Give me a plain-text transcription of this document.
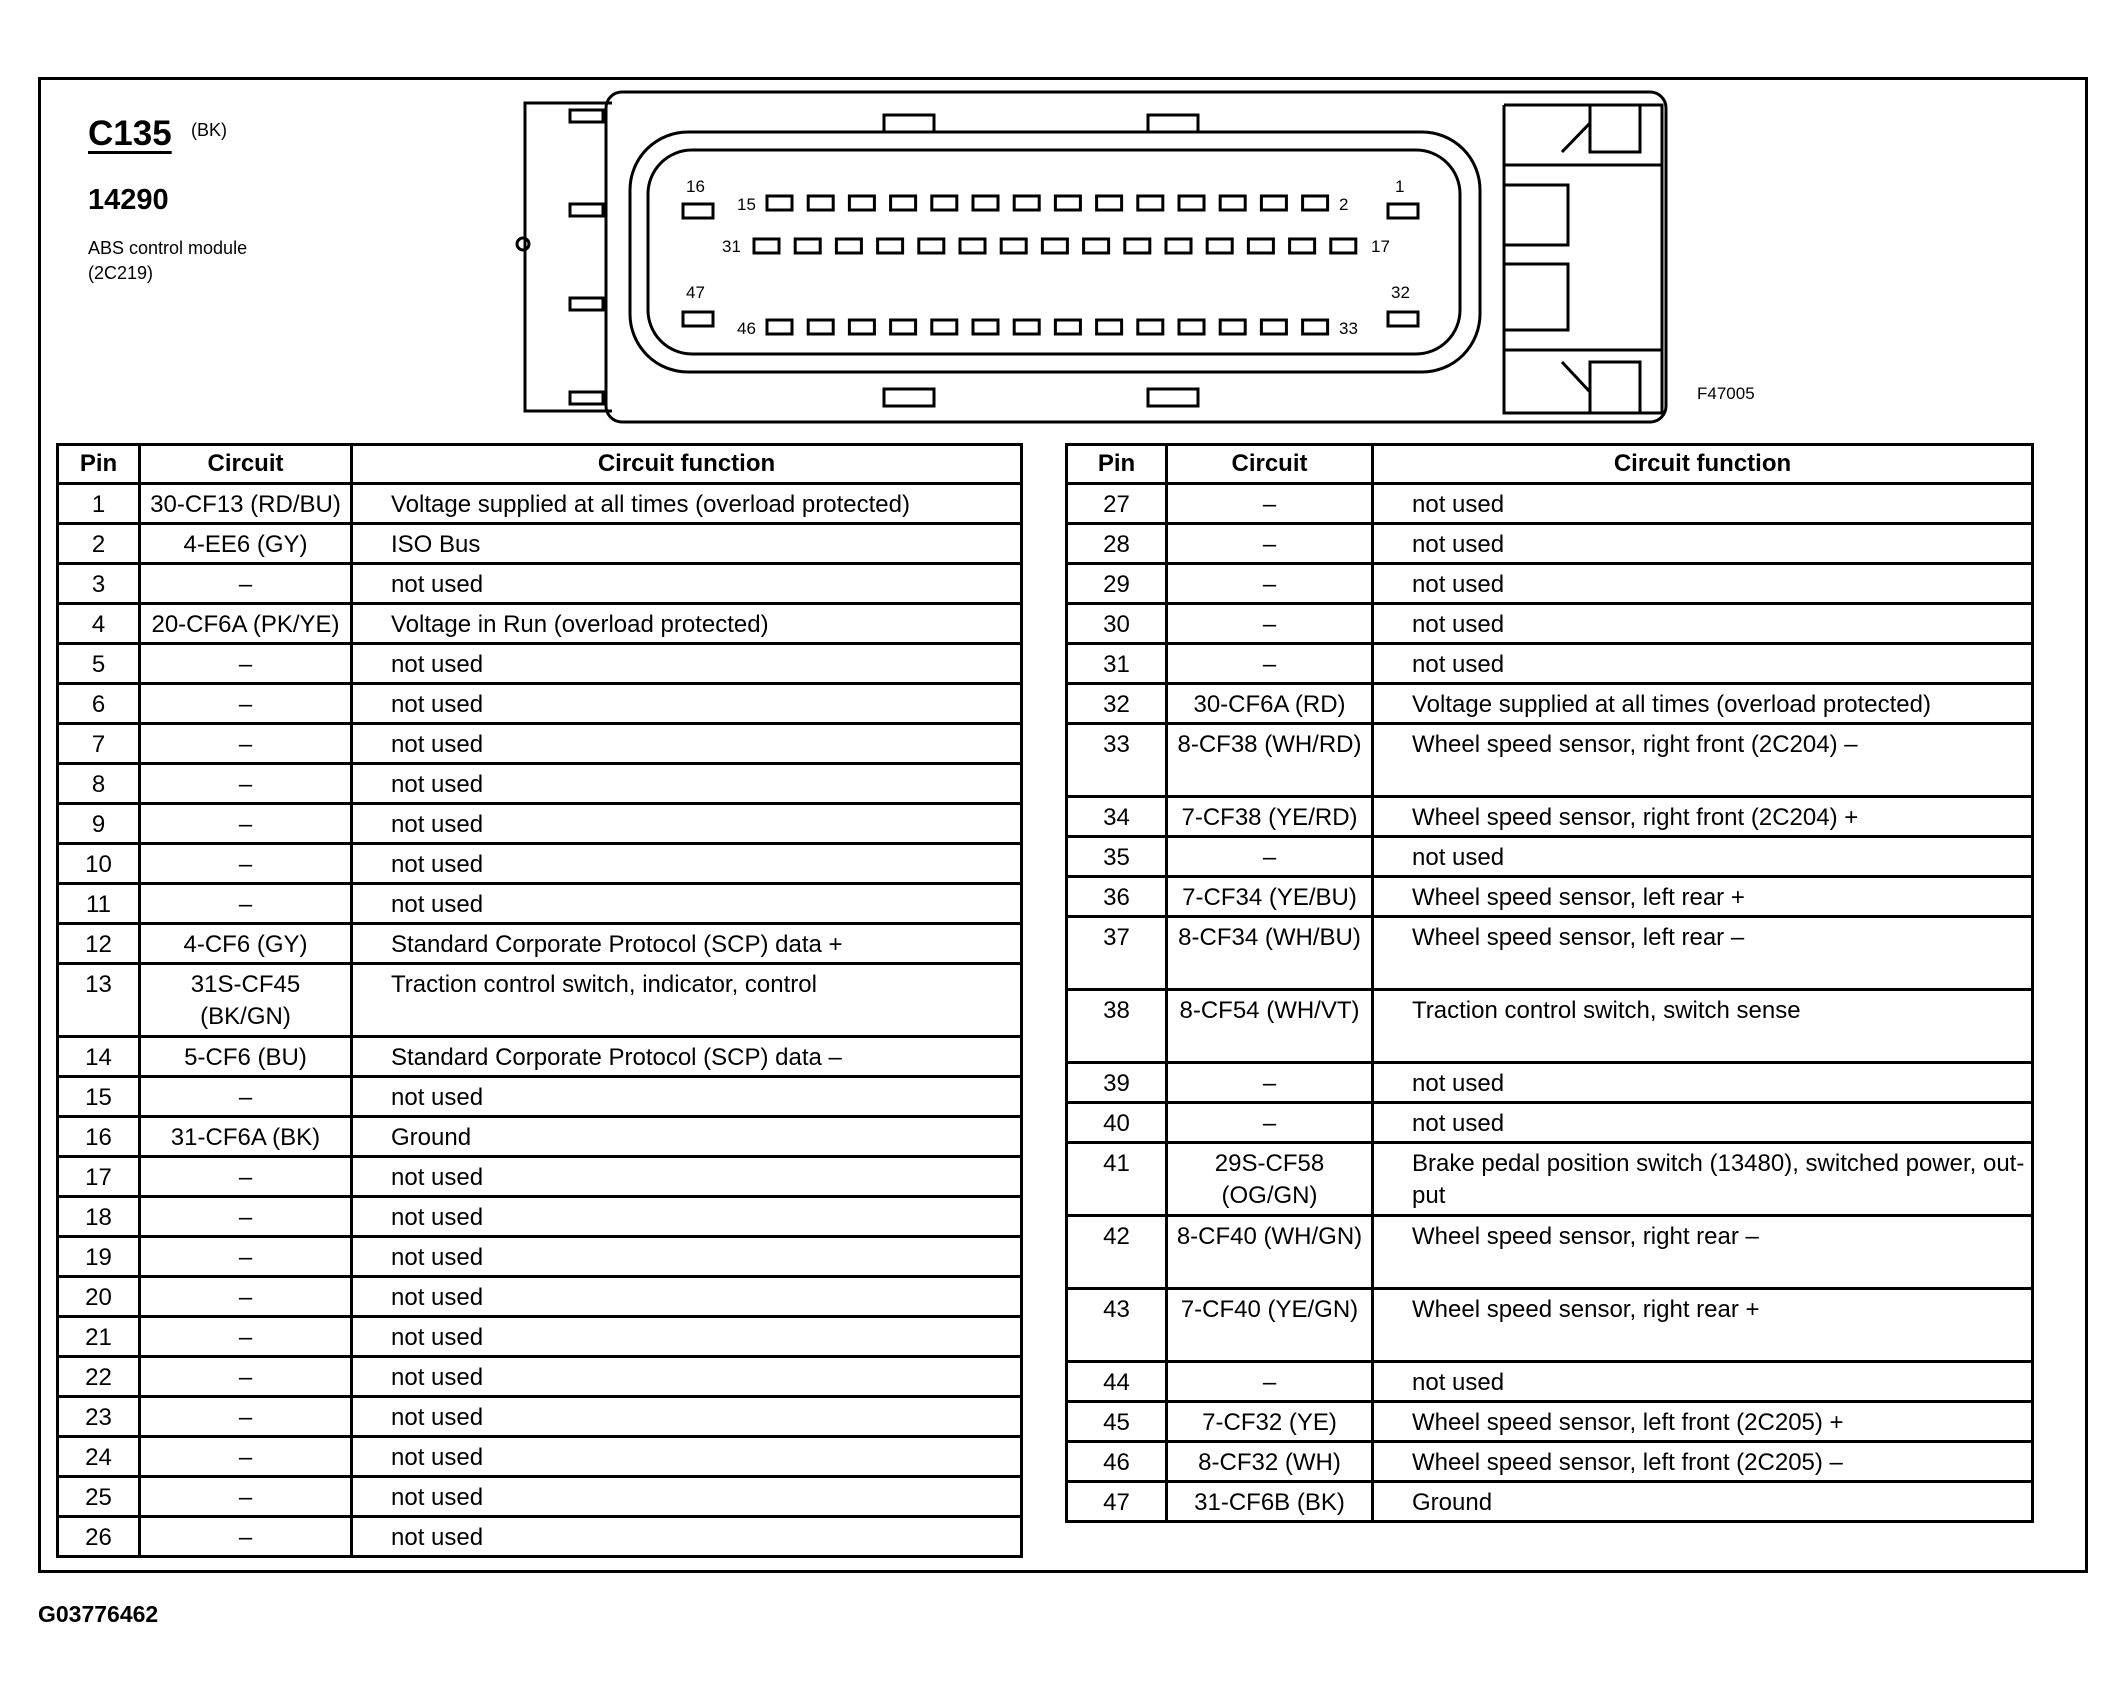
C135 (BK)
14290
ABS control module
(2C219)
16	1
15	2
31	17
47	32
46	33
F47005
Pin	Circuit	Circuit function
1	30-CF13 (RD/BU)	Voltage supplied at all times (overload protected)
2	4-EE6 (GY)	ISO Bus
3	–	not used
4	20-CF6A (PK/YE)	Voltage in Run (overload protected)
5	–	not used
6	–	not used
7	–	not used
8	–	not used
9	–	not used
10	–	not used
11	–	not used
12	4-CF6 (GY)	Standard Corporate Protocol (SCP) data +
13	31S-CF45 (BK/GN)	Traction control switch, indicator, control
14	5-CF6 (BU)	Standard Corporate Protocol (SCP) data –
15	–	not used
16	31-CF6A (BK)	Ground
17	–	not used
18	–	not used
19	–	not used
20	–	not used
21	–	not used
22	–	not used
23	–	not used
24	–	not used
25	–	not used
26	–	not used
Pin	Circuit	Circuit function
27	–	not used
28	–	not used
29	–	not used
30	–	not used
31	–	not used
32	30-CF6A (RD)	Voltage supplied at all times (overload protected)
33	8-CF38 (WH/RD)	Wheel speed sensor, right front (2C204) –
34	7-CF38 (YE/RD)	Wheel speed sensor, right front (2C204) +
35	–	not used
36	7-CF34 (YE/BU)	Wheel speed sensor, left rear +
37	8-CF34 (WH/BU)	Wheel speed sensor, left rear –
38	8-CF54 (WH/VT)	Traction control switch, switch sense
39	–	not used
40	–	not used
41	29S-CF58 (OG/GN)	Brake pedal position switch (13480), switched power, out-put
42	8-CF40 (WH/GN)	Wheel speed sensor, right rear –
43	7-CF40 (YE/GN)	Wheel speed sensor, right rear +
44	–	not used
45	7-CF32 (YE)	Wheel speed sensor, left front (2C205) +
46	8-CF32 (WH)	Wheel speed sensor, left front (2C205) –
47	31-CF6B (BK)	Ground
G03776462
